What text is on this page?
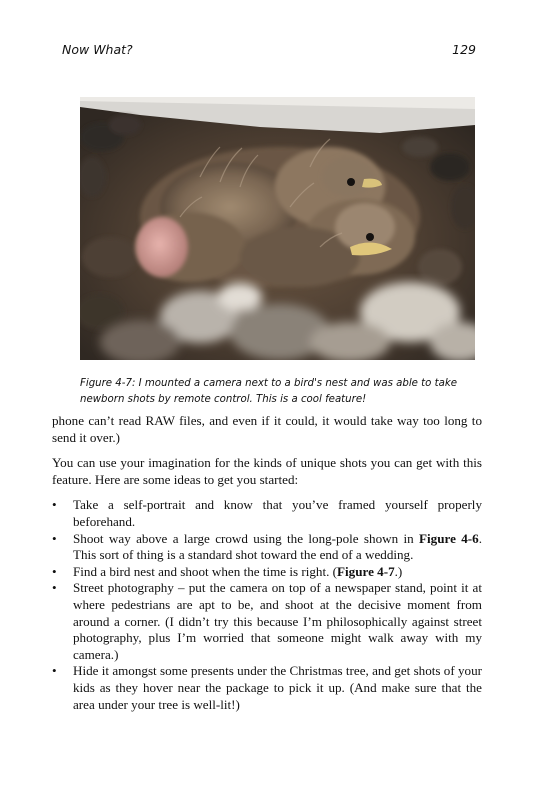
Now What?	129
Figure 4-7: I mounted a camera next to a bird's nest and was able to take newborn shots by remote control. This is a cool feature!

phone can’t read RAW files, and even if it could, it would take way too long to send it over.)

You can use your imagination for the kinds of unique shots you can get with this feature. Here are some ideas to get you started:

• Take a self-portrait and know that you’ve framed yourself properly beforehand.
• Shoot way above a large crowd using the long-pole shown in Figure 4-6. This sort of thing is a standard shot toward the end of a wedding.
• Find a bird nest and shoot when the time is right. (Figure 4-7.)
• Street photography – put the camera on top of a newspaper stand, point it at where pedestrians are apt to be, and shoot at the decisive moment from around a corner. (I didn’t try this because I’m philosophically against street photography, plus I’m worried that someone might walk away with my camera.)
• Hide it amongst some presents under the Christmas tree, and get shots of your kids as they hover near the package to pick it up. (And make sure that the area under your tree is well-lit!)
